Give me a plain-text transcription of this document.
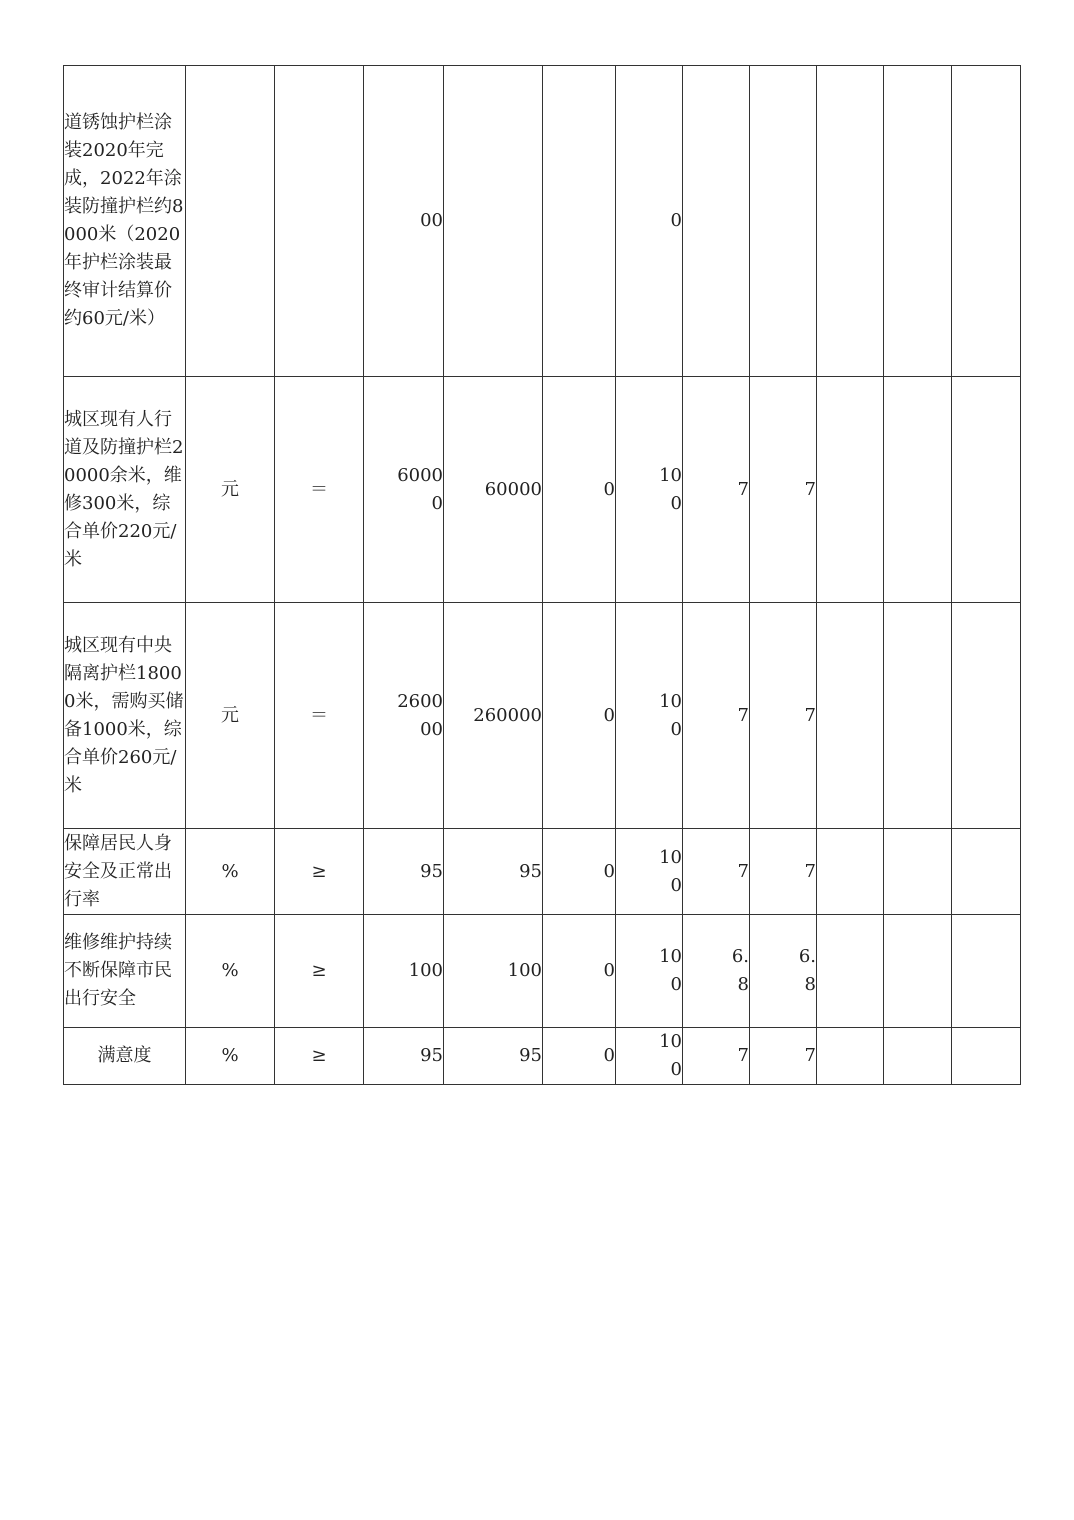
道锈蚀护栏涂装2020年完成，2022年涂装防撞护栏约8000米（2020年护栏涂装最终审计结算价约60元/米）			00			0					

城区现有人行道及防撞护栏20000余米，维修300米，综合单价220元/米	元	＝	60000	60000	0	100	7	7			

城区现有中央隔离护栏18000米，需购买储备1000米，综合单价260元/米	元	＝	260000	260000	0	100	7	7			

保障居民人身安全及正常出行率	%	≥	95	95	0	100	7	7			

维修维护持续不断保障市民出行安全	%	≥	100	100	0	100	6.8	6.8			
满意度	%	≥	95	95	0	100	7	7			
